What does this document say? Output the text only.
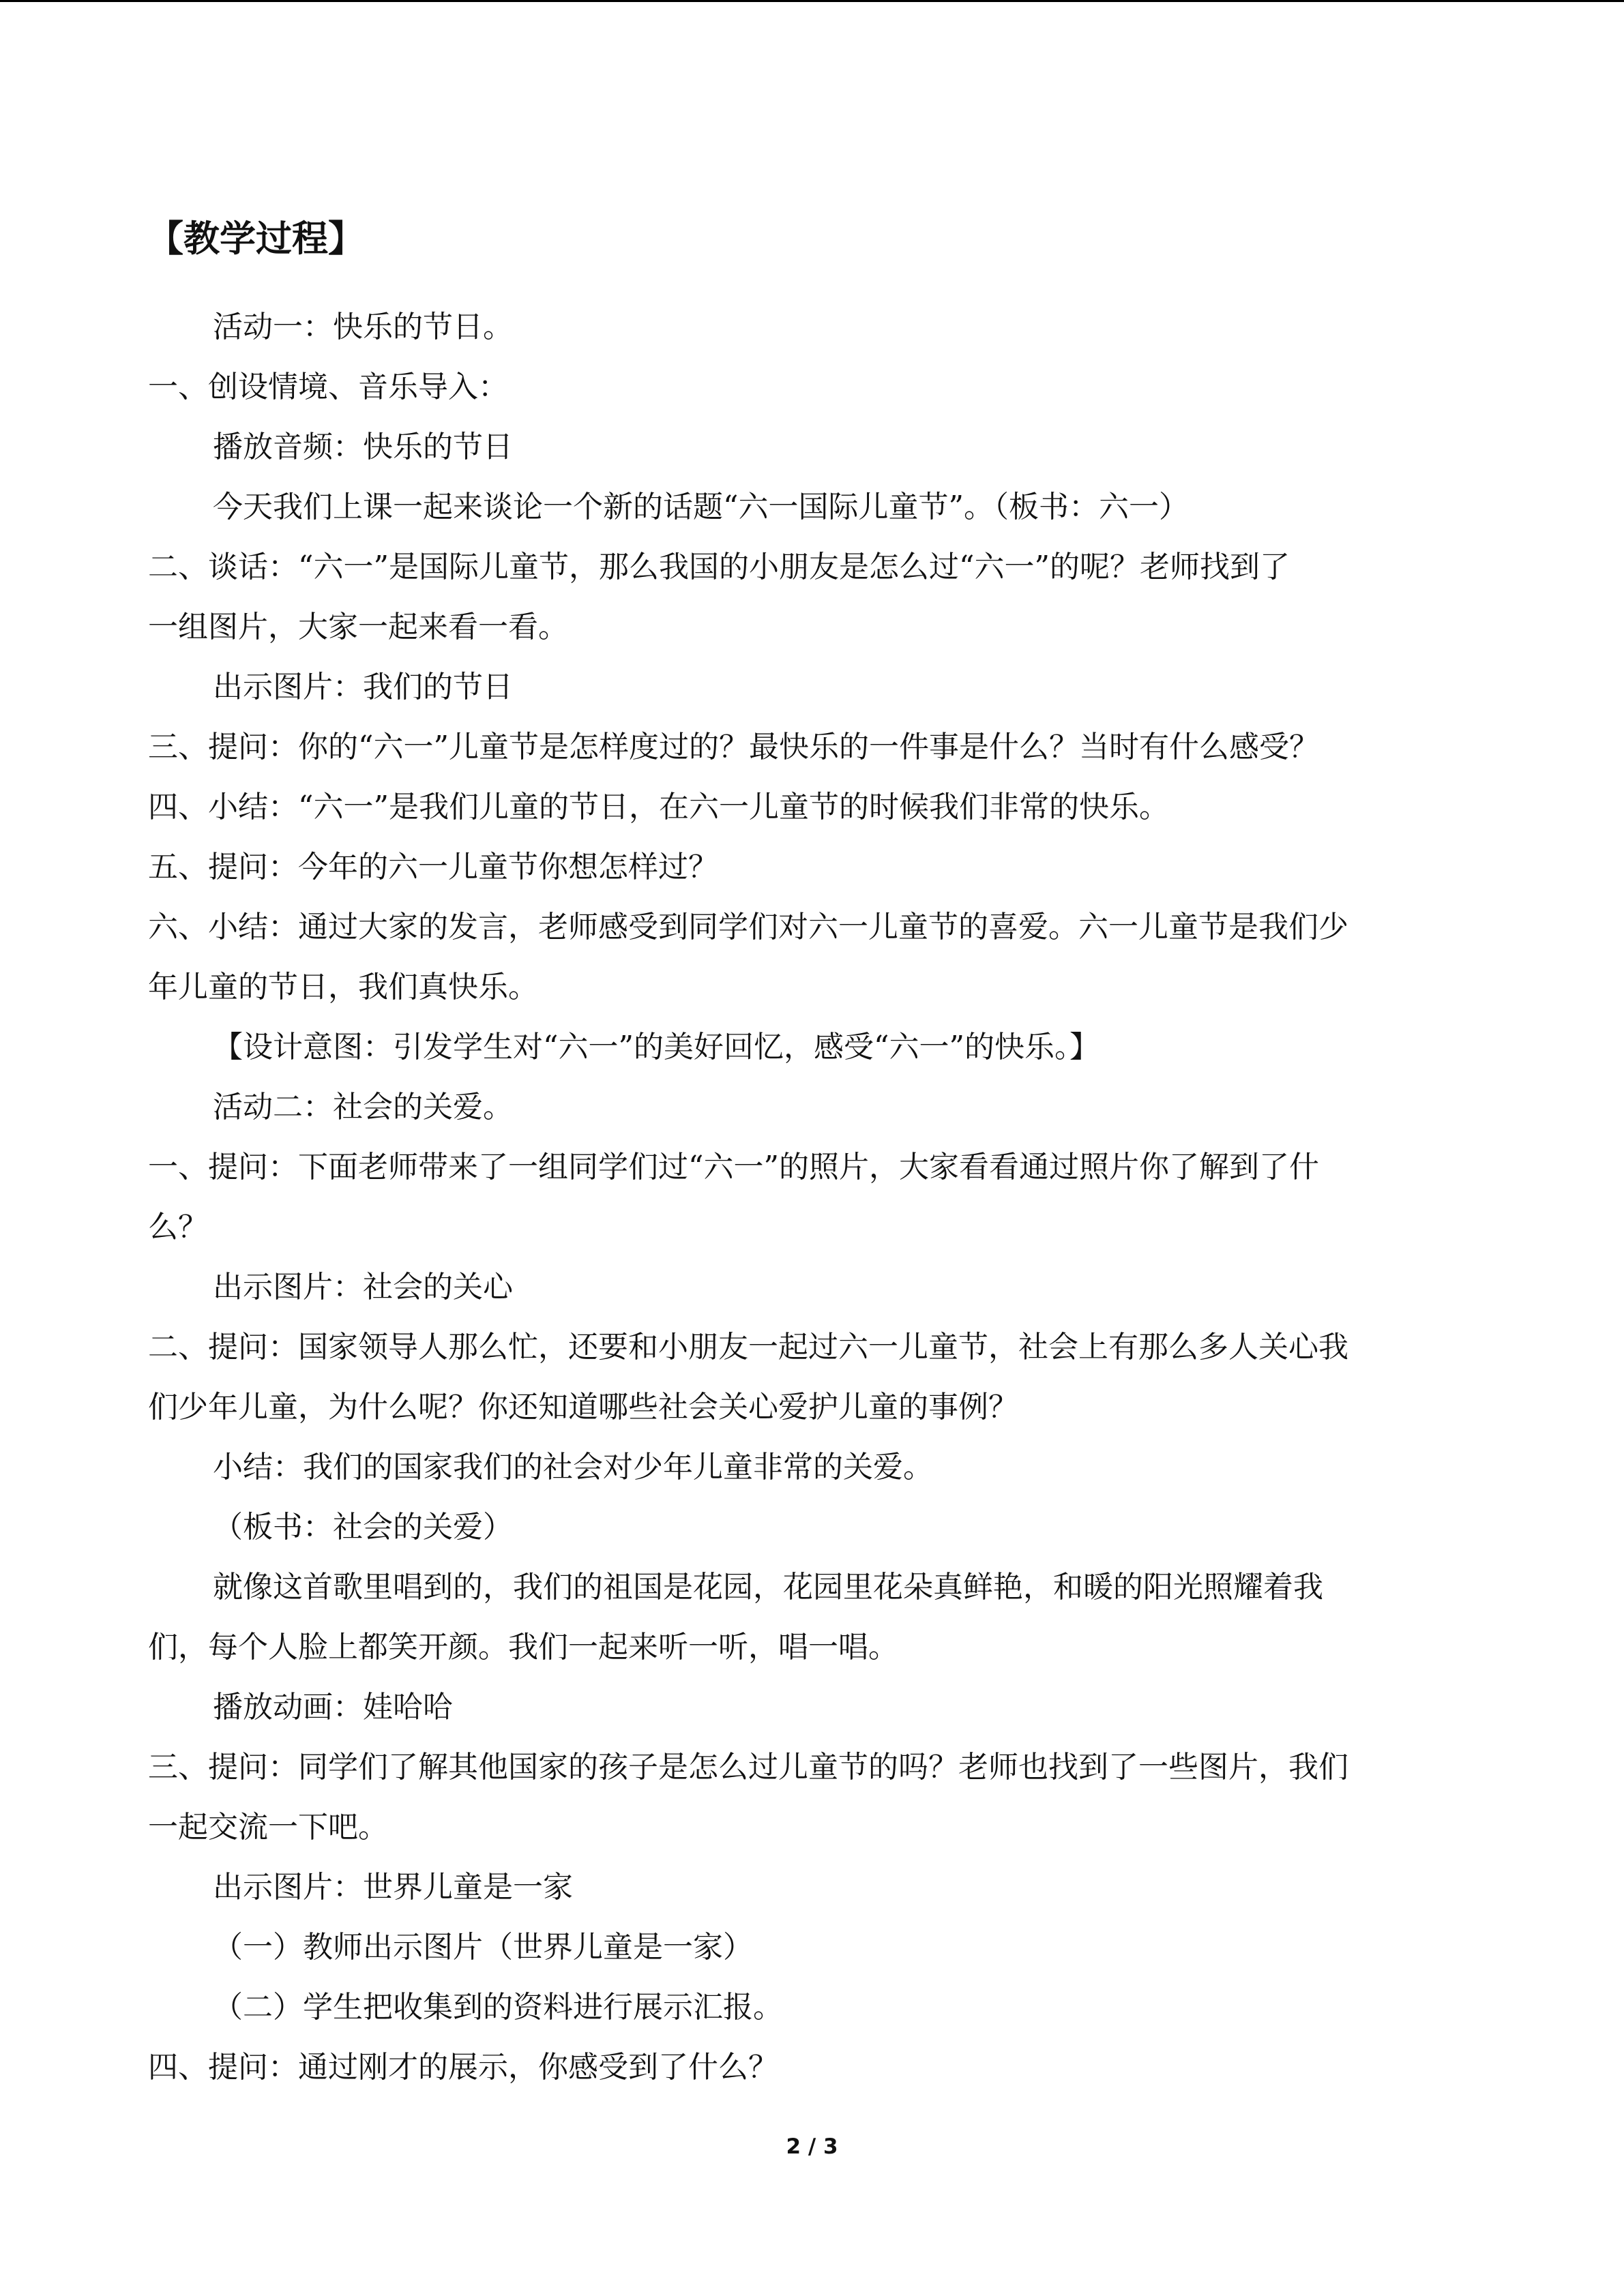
【教学过程】

活动一：快乐的节日。

一、创设情境、音乐导入：

播放音频：快乐的节日

今天我们上课一起来谈论一个新的话题“六一国际儿童节”。（板书：六一）

二、谈话：“六一”是国际儿童节，那么我国的小朋友是怎么过“六一”的呢？老师找到了

一组图片，大家一起来看一看。

出示图片：我们的节日

三、提问：你的“六一”儿童节是怎样度过的？最快乐的一件事是什么？当时有什么感受？

四、小结：“六一”是我们儿童的节日，在六一儿童节的时候我们非常的快乐。

五、提问：今年的六一儿童节你想怎样过？

六、小结：通过大家的发言，老师感受到同学们对六一儿童节的喜爱。六一儿童节是我们少

年儿童的节日，我们真快乐。

【设计意图：引发学生对“六一”的美好回忆，感受“六一”的快乐。】

活动二：社会的关爱。

一、提问：下面老师带来了一组同学们过“六一”的照片，大家看看通过照片你了解到了什

么？

出示图片：社会的关心

二、提问：国家领导人那么忙，还要和小朋友一起过六一儿童节，社会上有那么多人关心我

们少年儿童，为什么呢？你还知道哪些社会关心爱护儿童的事例？

小结：我们的国家我们的社会对少年儿童非常的关爱。

（板书：社会的关爱）

就像这首歌里唱到的，我们的祖国是花园，花园里花朵真鲜艳，和暖的阳光照耀着我

们，每个人脸上都笑开颜。我们一起来听一听，唱一唱。

播放动画：娃哈哈

三、提问：同学们了解其他国家的孩子是怎么过儿童节的吗？老师也找到了一些图片，我们

一起交流一下吧。

出示图片：世界儿童是一家

（一）教师出示图片（世界儿童是一家）

（二）学生把收集到的资料进行展示汇报。

四、提问：通过刚才的展示，你感受到了什么？

2 / 3
